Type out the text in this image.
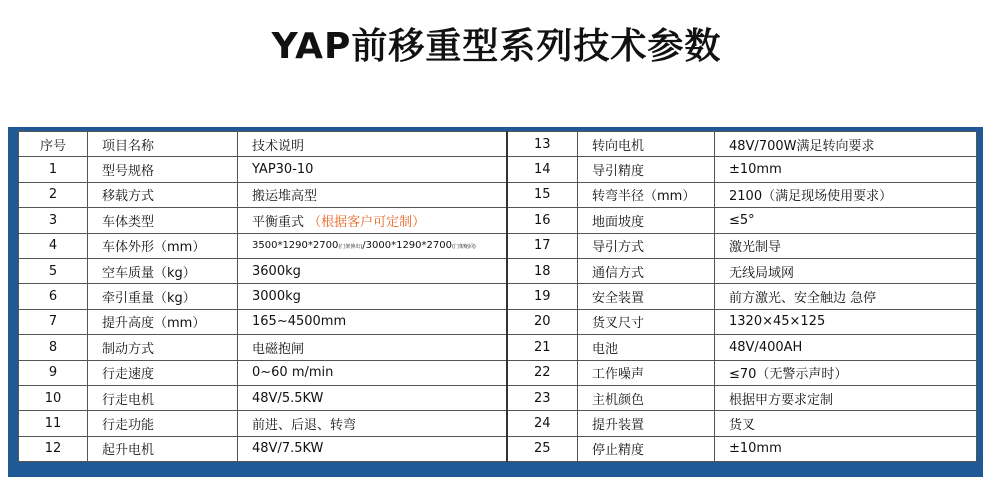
YAP前移重型系列技术参数
序号	项目名称	技术说明	13	转向电机	48V/700W满足转向要求
1	型号规格	YAP30-10	14	导引精度	±10mm
2	移载方式	搬运堆高型	15	转弯半径（mm）	2100（满足现场使用要求）
3	车体类型	平衡重式 （根据客户可定制）	16	地面坡度	≤5°
4	车体外形（mm）	3500*1290*2700(门架伸出)/3000*1290*2700(门架缩回)	17	导引方式	激光制导
5	空车质量（kg）	3600kg	18	通信方式	无线局域网
6	牵引重量（kg）	3000kg	19	安全装置	前方激光、安全触边 急停
7	提升高度（mm）	165~4500mm	20	货叉尺寸	1320×45×125
8	制动方式	电磁抱闸	21	电池	48V/400AH
9	行走速度	0~60 m/min	22	工作噪声	≤70（无警示声时）
10	行走电机	48V/5.5KW	23	主机颜色	根据甲方要求定制
11	行走功能	前进、后退、转弯	24	提升装置	货叉
12	起升电机	48V/7.5KW	25	停止精度	±10mm
